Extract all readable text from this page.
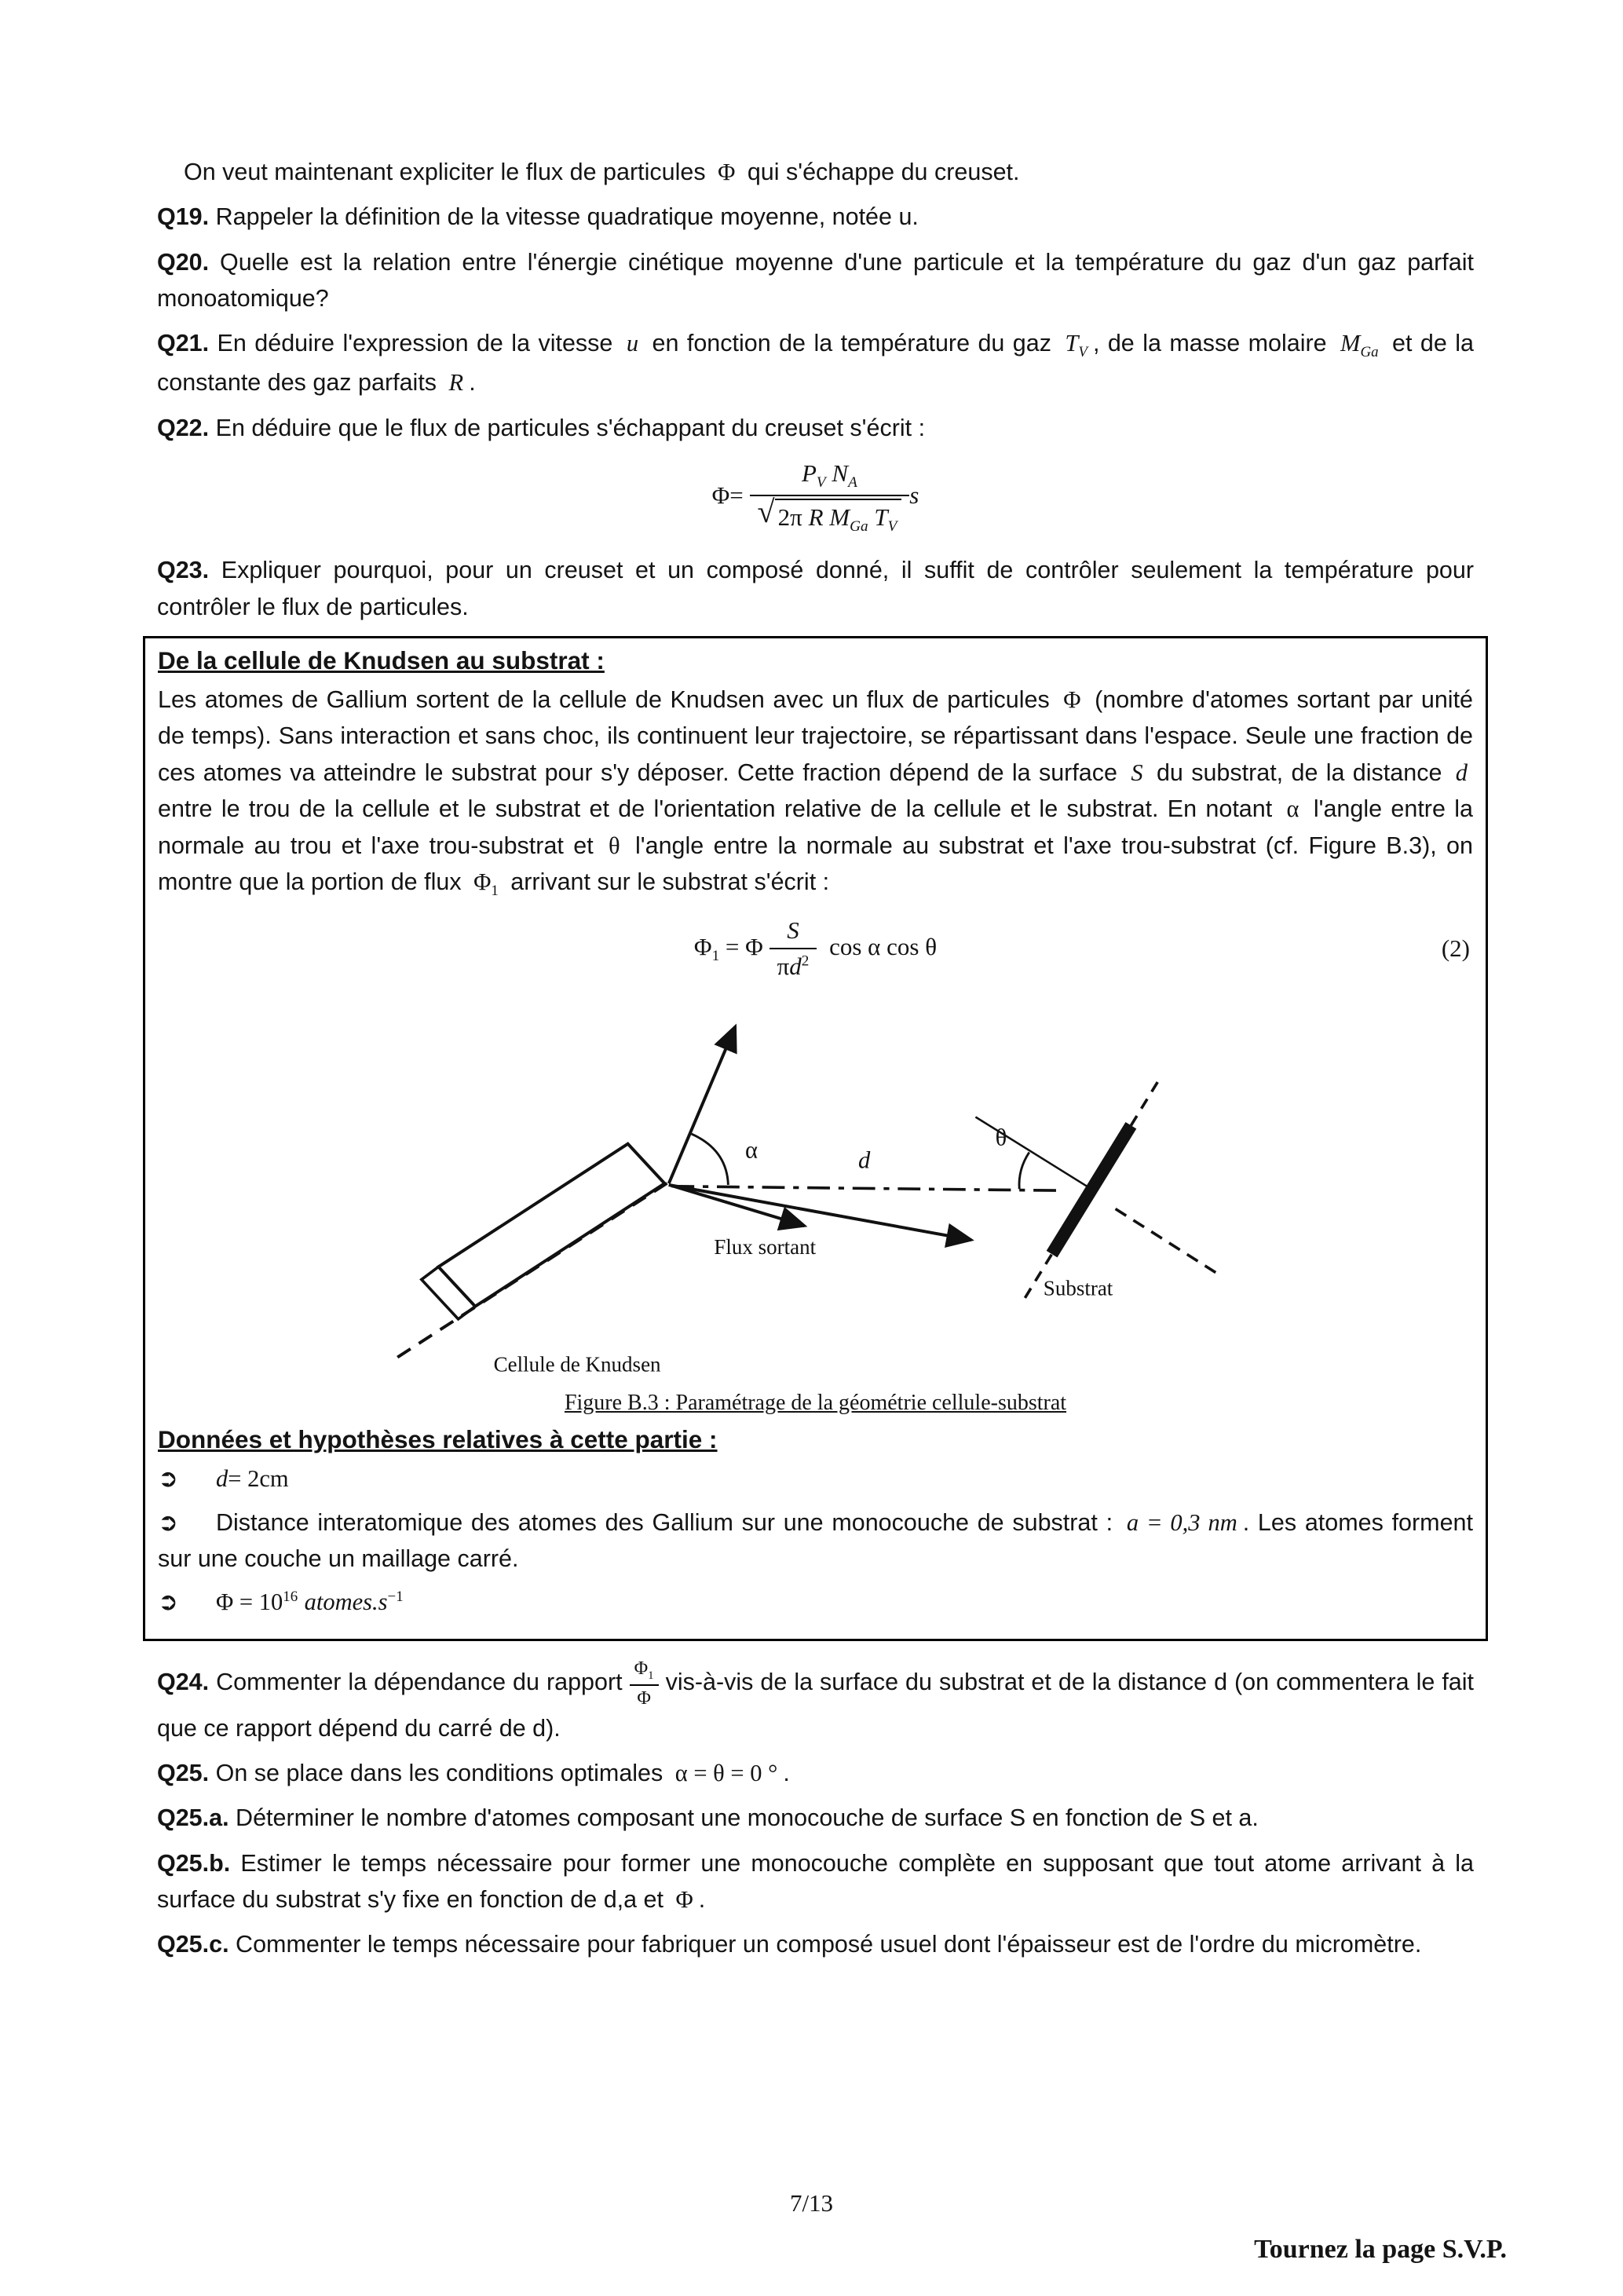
On veut maintenant expliciter le flux de particules Φ qui s'échappe du creuset.

Q19. Rappeler la définition de la vitesse quadratique moyenne, notée u.

Q20. Quelle est la relation entre l'énergie cinétique moyenne d'une particule et la température du gaz d'un gaz parfait monoatomique?

Q21. En déduire l'expression de la vitesse u en fonction de la température du gaz $T_V$ , de la masse molaire $M_{Ga}$ et de la constante des gaz parfaits R .

Q22. En déduire que le flux de particules s'échappant du creuset s'écrit :

$\Phi= \frac{P_V N_A}{√ 2\pi R M_{Ga} T_V}$ s

Q23. Expliquer pourquoi, pour un creuset et un composé donné, il suffit de contrôler seulement la température pour contrôler le flux de particules.

De la cellule de Knudsen au substrat :

Les atomes de Gallium sortent de la cellule de Knudsen avec un flux de particules Φ (nombre d'atomes sortant par unité de temps). Sans interaction et sans choc, ils continuent leur trajectoire, se répartissant dans l'espace. Seule une fraction de ces atomes va atteindre le substrat pour s'y déposer. Cette fraction dépend de la surface S du substrat, de la distance d entre le trou de la cellule et le substrat et de l'orientation relative de la cellule et le substrat. En notant α l'angle entre la normale au trou et l'axe trou-substrat et θ l'angle entre la normale au substrat et l'axe trou-substrat (cf. Figure B.3), on montre que la portion de flux $\Phi_1$ arrivant sur le substrat s'écrit :

$\Phi_1 = \Phi \frac{S}{\pi d^2}$ cos α cos θ	(2)
α	d
θ
Flux sortant
Substrat
Cellule de Knudsen
Figure B.3 : Paramétrage de la géométrie cellule-substrat
Données et hypothèses relatives à cette partie :

➲ d= 2cm

➲ Distance interatomique des atomes des Gallium sur une monocouche de substrat : a = 0,3 nm . Les atomes forment sur une couche un maillage carré.

➲ $\Phi = 10^{16}$ $atomes.s^{-1}$

Q24. Commenter la dépendance du rapport $\frac{\Phi_1}{\Phi}$ vis-à-vis de la surface du substrat et de la distance d (on commentera le fait que ce rapport dépend du carré de d).

Q25. On se place dans les conditions optimales α = θ = 0 ° .

Q25.a. Déterminer le nombre d'atomes composant une monocouche de surface S en fonction de S et a.

Q25.b. Estimer le temps nécessaire pour former une monocouche complète en supposant que tout atome arrivant à la surface du substrat s'y fixe en fonction de d,a et Φ .

Q25.c. Commenter le temps nécessaire pour fabriquer un composé usuel dont l'épaisseur est de l'ordre du micromètre.

7/13
Tournez la page S.V.P.
